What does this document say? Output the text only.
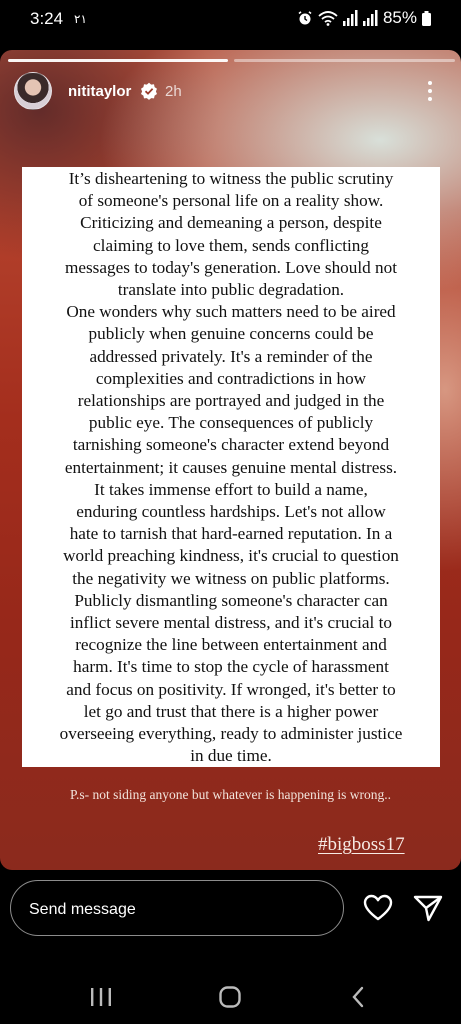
3:24 ٢١	85%
nititaylor 2h

It’s disheartening to witness the public scrutiny

of someone's personal life on a reality show.

Criticizing and demeaning a person, despite

claiming to love them, sends conflicting

messages to today's generation. Love should not

translate into public degradation.

One wonders why such matters need to be aired

publicly when genuine concerns could be

addressed privately. It's a reminder of the

complexities and contradictions in how

relationships are portrayed and judged in the

public eye. The consequences of publicly

tarnishing someone's character extend beyond

entertainment; it causes genuine mental distress.

It takes immense effort to build a name,

enduring countless hardships. Let's not allow

hate to tarnish that hard-earned reputation. In a

world preaching kindness, it's crucial to question

the negativity we witness on public platforms.

Publicly dismantling someone's character can

inflict severe mental distress, and it's crucial to

recognize the line between entertainment and

harm. It's time to stop the cycle of harassment

and focus on positivity. If wronged, it's better to

let go and trust that there is a higher power

overseeing everything, ready to administer justice

in due time.

P.s- not siding anyone but whatever is happening is wrong..
#bigboss17
Send message
